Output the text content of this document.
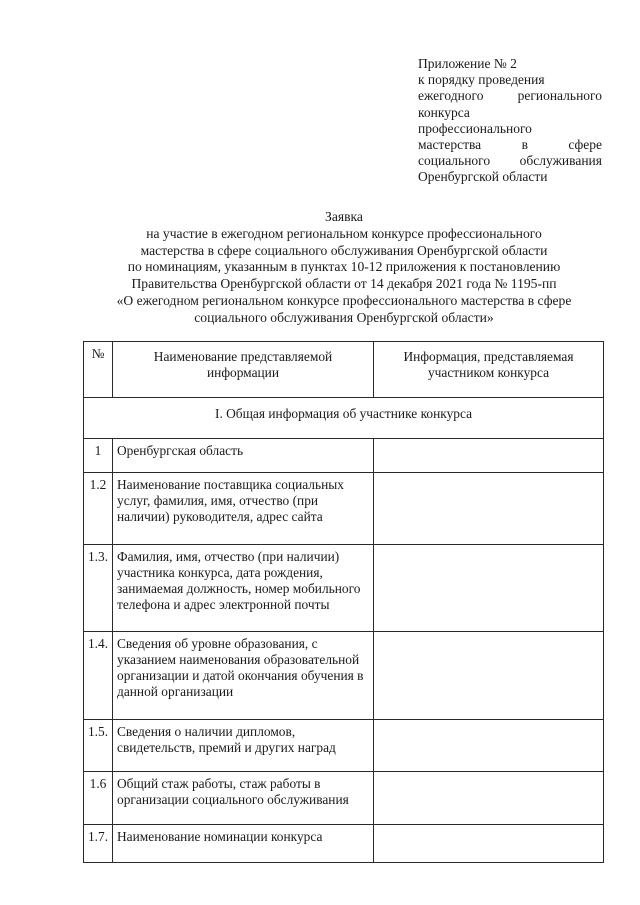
Приложение № 2
к порядку проведения
ежегодного регионального
конкурса
профессионального
мастерства в сфере
социального обслуживания
Оренбургской области
Заявка
на участие в ежегодном региональном конкурсе профессионального
мастерства в сфере социального обслуживания Оренбургской области
по номинациям, указанным в пунктах 10-12 приложения к постановлению
Правительства Оренбургской области от 14 декабря 2021 года № 1195-пп
«О ежегодном региональном конкурсе профессионального мастерства в сфере
социального обслуживания Оренбургской области»
№	Наименование представляемой информации	Информация, представляемая участником конкурса
I. Общая информация об участнике конкурса		
1	Оренбургская область	
1.2	Наименование поставщика социальных услуг, фамилия, имя, отчество (при наличии) руководителя, адрес сайта	
1.3.	Фамилия, имя, отчество (при наличии) участника конкурса, дата рождения, занимаемая должность, номер мобильного телефона и адрес электронной почты	
1.4.	Сведения об уровне образования, с указанием наименования образовательной организации и датой окончания обучения в данной организации	
1.5.	Сведения о наличии дипломов, свидетельств, премий и других наград	
1.6	Общий стаж работы, стаж работы в организации социального обслуживания	
1.7.	Наименование номинации конкурса	
